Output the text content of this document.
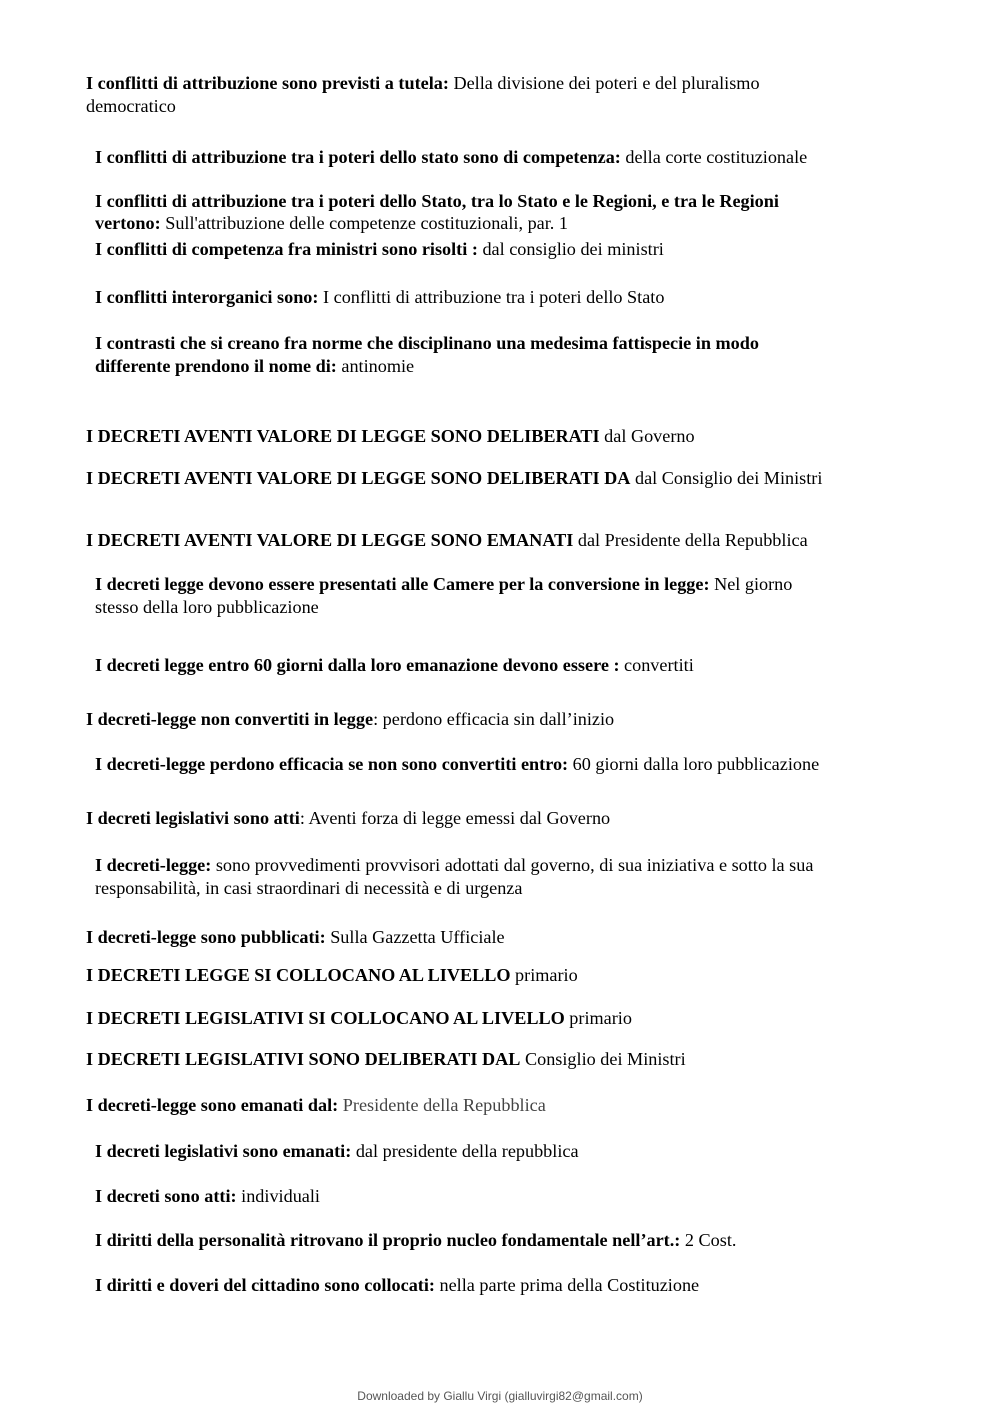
I conflitti di attribuzione sono previsti a tutela: Della divisione dei poteri e del pluralismo
democratico
I conflitti di attribuzione tra i poteri dello stato sono di competenza: della corte costituzionale
I conflitti di attribuzione tra i poteri dello Stato, tra lo Stato e le Regioni, e tra le Regioni
vertono: Sull'attribuzione delle competenze costituzionali, par. 1
I conflitti di competenza fra ministri sono risolti : dal consiglio dei ministri
I conflitti interorganici sono: I conflitti di attribuzione tra i poteri dello Stato
I contrasti che si creano fra norme che disciplinano una medesima fattispecie in modo
differente prendono il nome di: antinomie
I DECRETI AVENTI VALORE DI LEGGE SONO DELIBERATI dal Governo
I DECRETI AVENTI VALORE DI LEGGE SONO DELIBERATI DA dal Consiglio dei Ministri
I DECRETI AVENTI VALORE DI LEGGE SONO EMANATI dal Presidente della Repubblica
I decreti legge devono essere presentati alle Camere per la conversione in legge: Nel giorno
stesso della loro pubblicazione
I decreti legge entro 60 giorni dalla loro emanazione devono essere : convertiti
I decreti-legge non convertiti in legge: perdono efficacia sin dall’inizio
I decreti-legge perdono efficacia se non sono convertiti entro: 60 giorni dalla loro pubblicazione
I decreti legislativi sono atti: Aventi forza di legge emessi dal Governo
I decreti-legge: sono provvedimenti provvisori adottati dal governo, di sua iniziativa e sotto la sua
responsabilità, in casi straordinari di necessità e di urgenza
I decreti-legge sono pubblicati: Sulla Gazzetta Ufficiale
I DECRETI LEGGE SI COLLOCANO AL LIVELLO primario
I DECRETI LEGISLATIVI SI COLLOCANO AL LIVELLO primario
I DECRETI LEGISLATIVI SONO DELIBERATI DAL Consiglio dei Ministri
I decreti-legge sono emanati dal: Presidente della Repubblica
I decreti legislativi sono emanati: dal presidente della repubblica
I decreti sono atti: individuali
I diritti della personalità ritrovano il proprio nucleo fondamentale nell’art.: 2 Cost.
I diritti e doveri del cittadino sono collocati: nella parte prima della Costituzione
Downloaded by Giallu Virgi (gialluvirgi82@gmail.com)
